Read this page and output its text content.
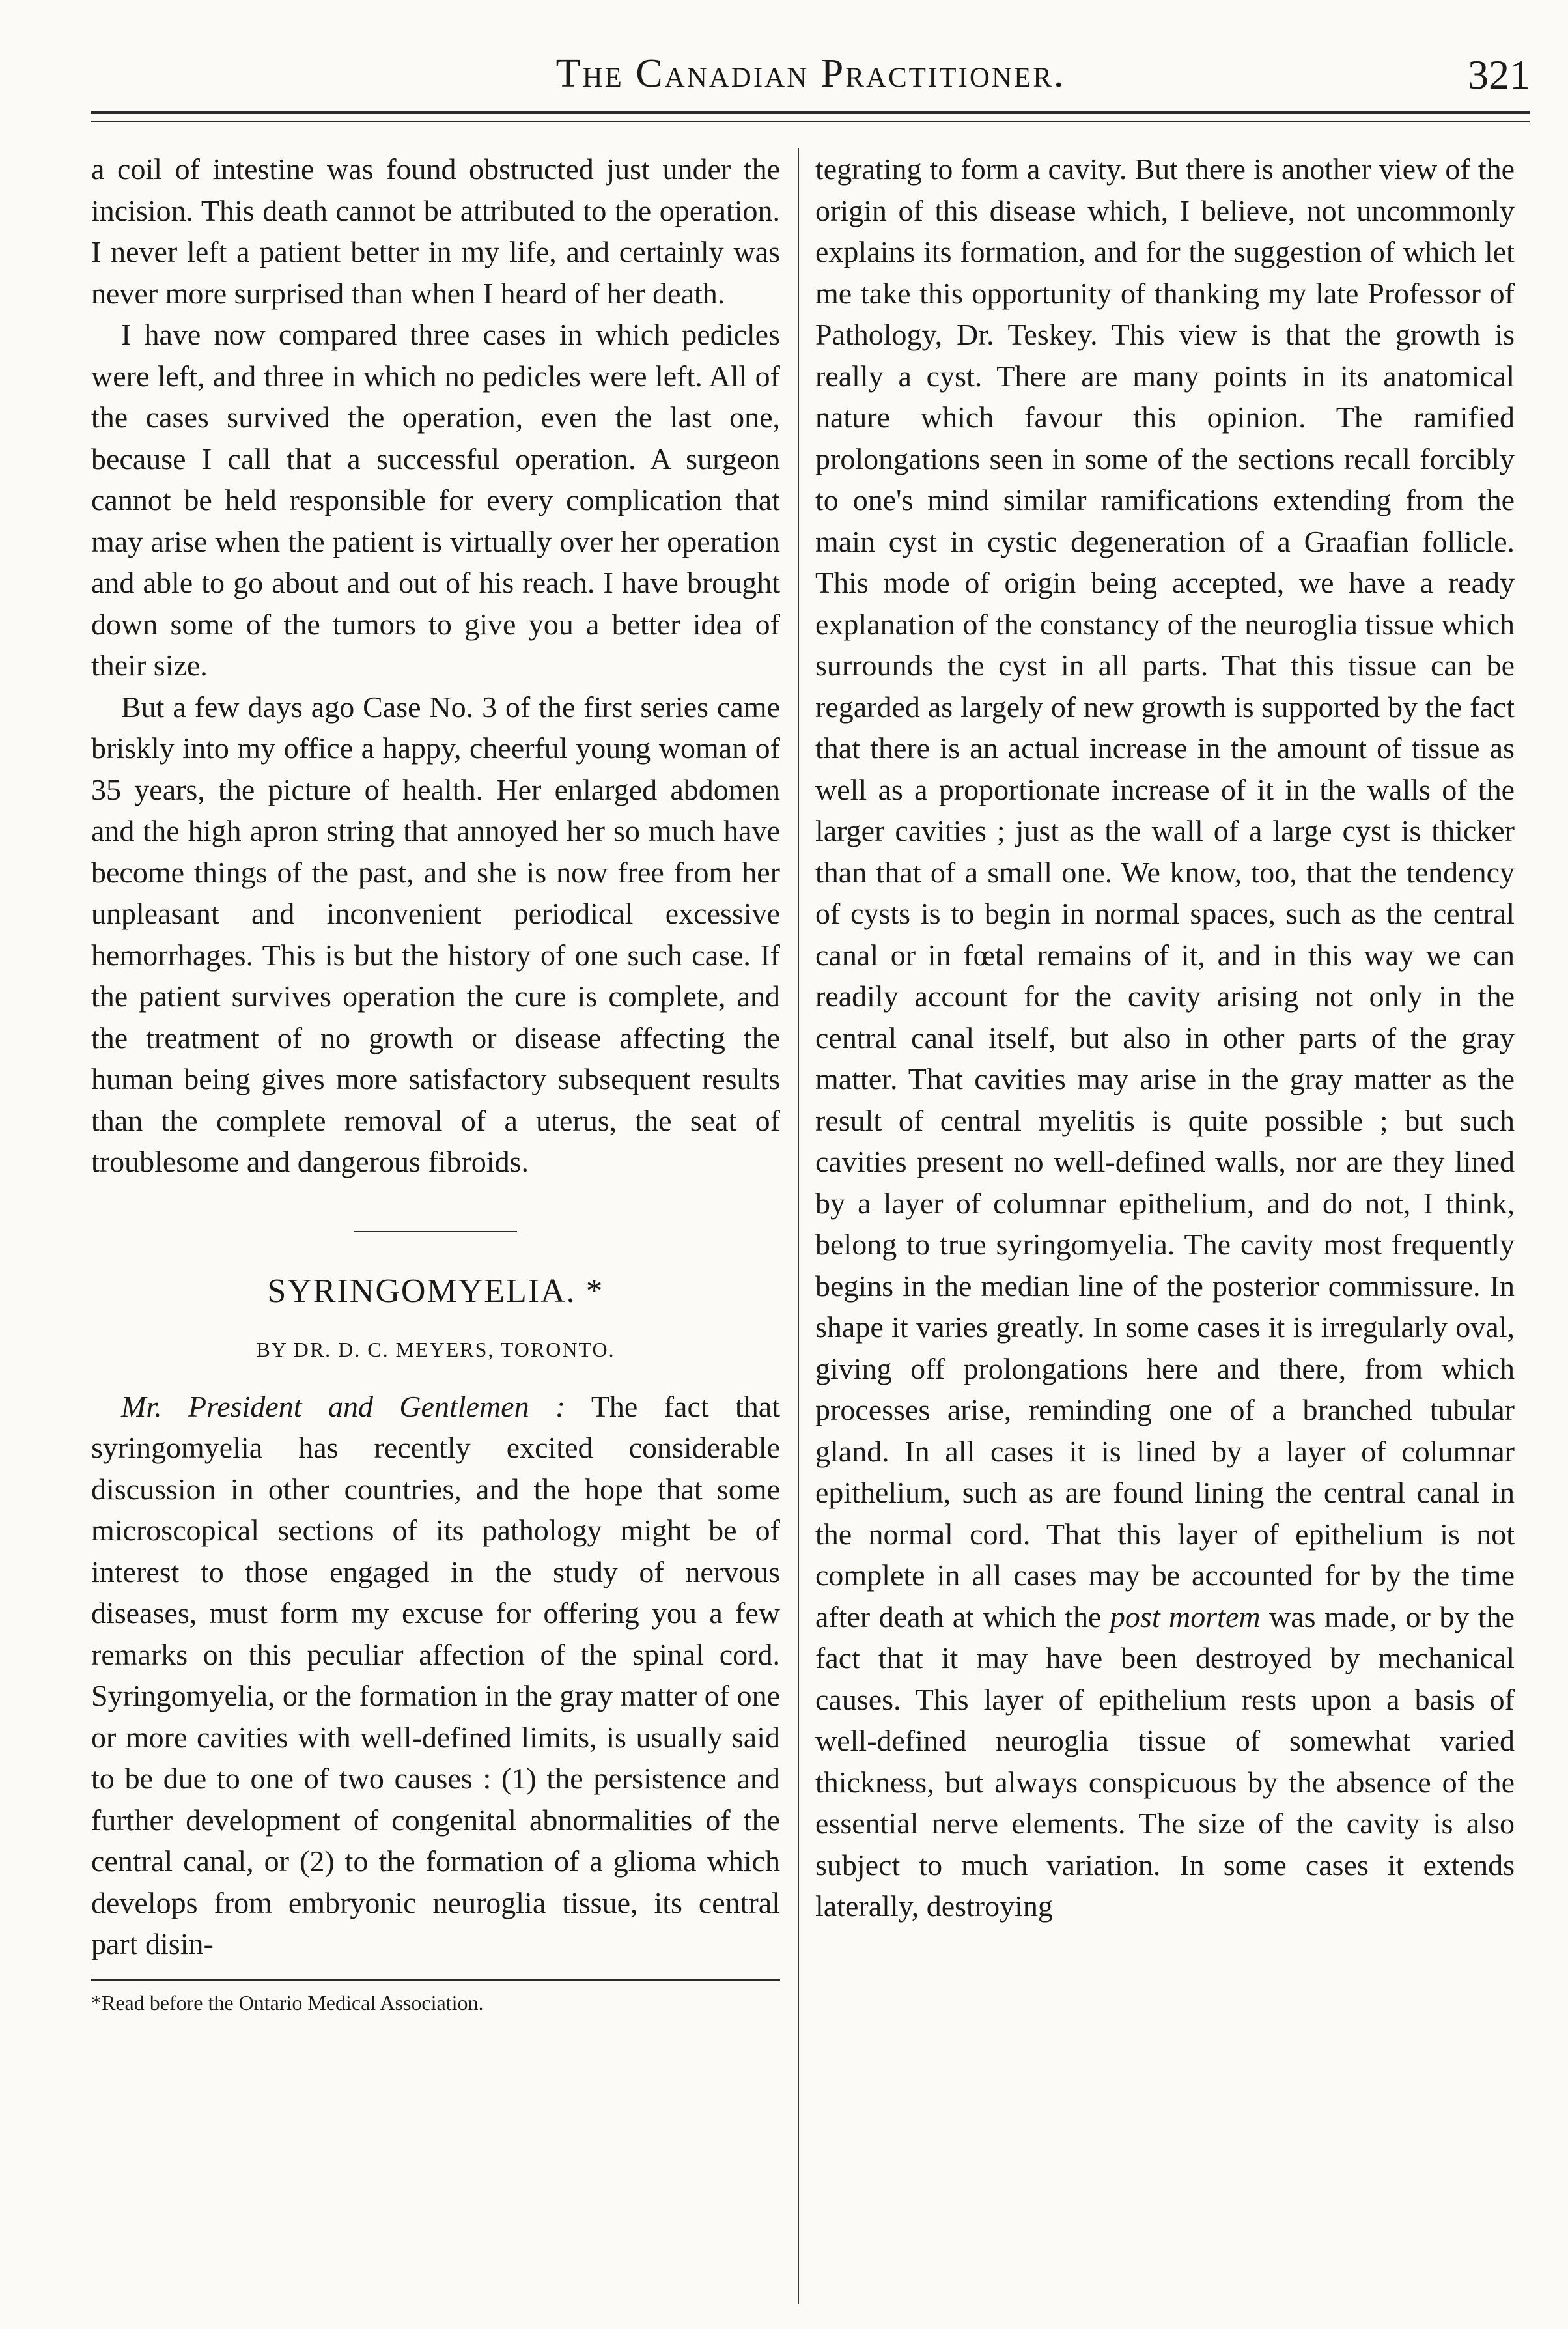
The Canadian Practitioner.	321

a coil of intestine was found obstructed just under the incision. This death cannot be attributed to the operation. I never left a patient better in my life, and certainly was never more surprised than when I heard of her death.

I have now compared three cases in which pedicles were left, and three in which no pedicles were left. All of the cases survived the operation, even the last one, because I call that a successful operation. A surgeon cannot be held responsible for every complication that may arise when the patient is virtually over her operation and able to go about and out of his reach. I have brought down some of the tumors to give you a better idea of their size.

But a few days ago Case No. 3 of the first series came briskly into my office a happy, cheerful young woman of 35 years, the picture of health. Her enlarged abdomen and the high apron string that annoyed her so much have become things of the past, and she is now free from her unpleasant and inconvenient periodical excessive hemorrhages. This is but the history of one such case. If the patient survives operation the cure is complete, and the treatment of no growth or disease affecting the human being gives more satisfactory subsequent results than the complete removal of a uterus, the seat of troublesome and dangerous fibroids.

SYRINGOMYELIA. *
BY DR. D. C. MEYERS, TORONTO.

Mr. President and Gentlemen : The fact that syringomyelia has recently excited considerable discussion in other countries, and the hope that some microscopical sections of its pathology might be of interest to those engaged in the study of nervous diseases, must form my excuse for offering you a few remarks on this peculiar affection of the spinal cord. Syringomyelia, or the formation in the gray matter of one or more cavities with well-defined limits, is usually said to be due to one of two causes : (1) the persistence and further development of congenital abnormalities of the central canal, or (2) to the formation of a glioma which develops from embryonic neuroglia tissue, its central part disin-

*Read before the Ontario Medical Association.

tegrating to form a cavity. But there is another view of the origin of this disease which, I believe, not uncommonly explains its formation, and for the suggestion of which let me take this opportunity of thanking my late Professor of Pathology, Dr. Teskey. This view is that the growth is really a cyst. There are many points in its anatomical nature which favour this opinion. The ramified prolongations seen in some of the sections recall forcibly to one's mind similar ramifications extending from the main cyst in cystic degeneration of a Graafian follicle. This mode of origin being accepted, we have a ready explanation of the constancy of the neuroglia tissue which surrounds the cyst in all parts. That this tissue can be regarded as largely of new growth is supported by the fact that there is an actual increase in the amount of tissue as well as a proportionate increase of it in the walls of the larger cavities ; just as the wall of a large cyst is thicker than that of a small one. We know, too, that the tendency of cysts is to begin in normal spaces, such as the central canal or in fœtal remains of it, and in this way we can readily account for the cavity arising not only in the central canal itself, but also in other parts of the gray matter. That cavities may arise in the gray matter as the result of central myelitis is quite possible ; but such cavities present no well-defined walls, nor are they lined by a layer of columnar epithelium, and do not, I think, belong to true syringomyelia. The cavity most frequently begins in the median line of the posterior commissure. In shape it varies greatly. In some cases it is irregularly oval, giving off prolongations here and there, from which processes arise, reminding one of a branched tubular gland. In all cases it is lined by a layer of columnar epithelium, such as are found lining the central canal in the normal cord. That this layer of epithelium is not complete in all cases may be accounted for by the time after death at which the post mortem was made, or by the fact that it may have been destroyed by mechanical causes. This layer of epithelium rests upon a basis of well-defined neuroglia tissue of somewhat varied thickness, but always conspicuous by the absence of the essential nerve elements. The size of the cavity is also subject to much variation. In some cases it extends laterally, destroying
